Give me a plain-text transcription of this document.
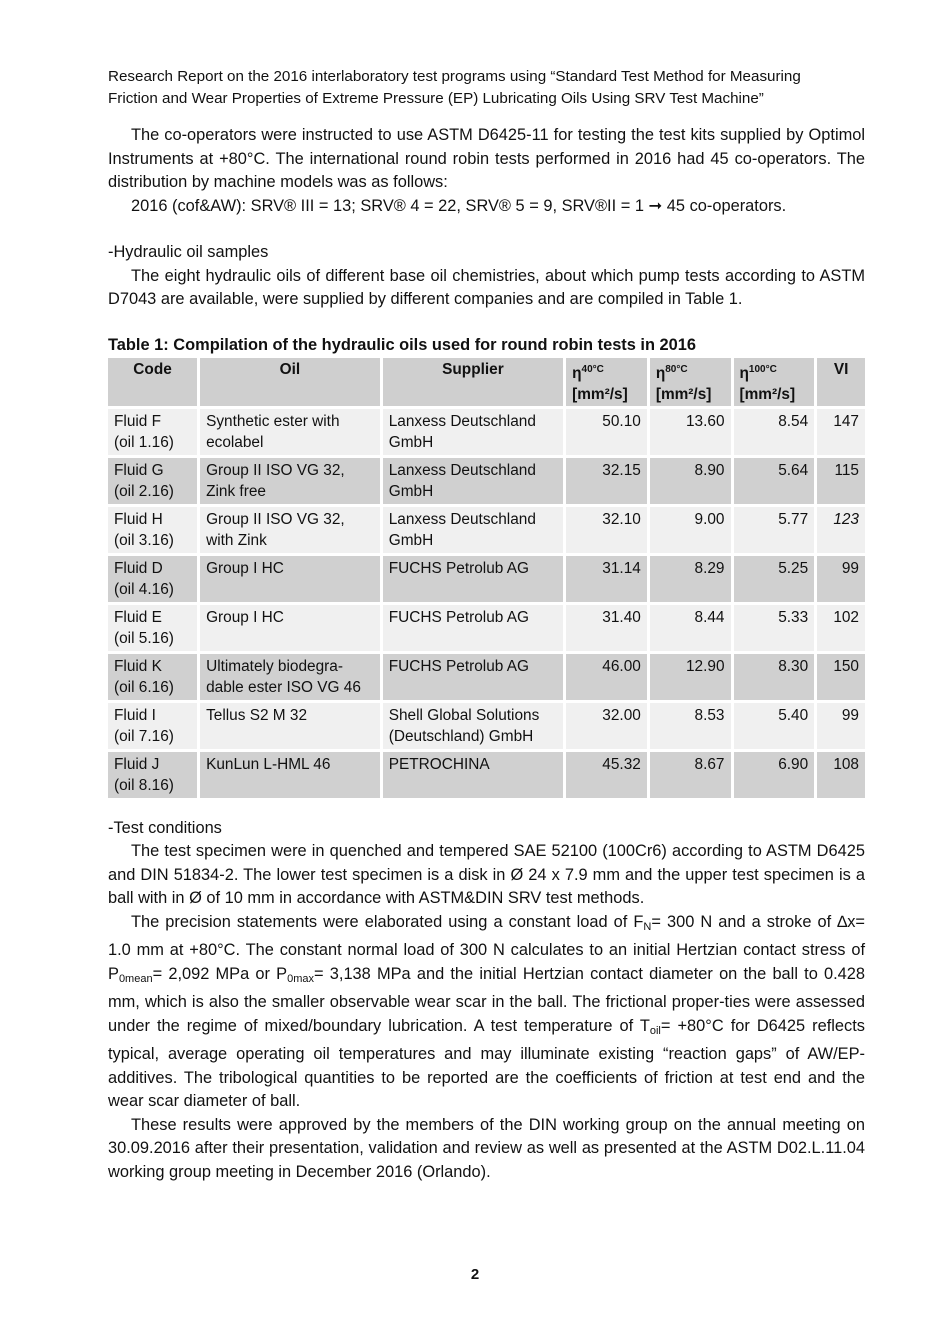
Research Report on the 2016 interlaboratory test programs using “Standard Test Method for Measuring
Friction and Wear Properties of Extreme Pressure (EP) Lubricating Oils Using SRV Test Machine”

The co-operators were instructed to use ASTM D6425-11 for testing the test kits supplied by Optimol Instruments at +80°C. The international round robin tests performed in 2016 had 45 co-operators. The distribution by machine models was as follows:

2016 (cof&AW): SRV® III = 13; SRV® 4 = 22, SRV® 5 = 9, SRV®II = 1 ➞ 45 co-operators.

-Hydraulic oil samples

The eight hydraulic oils of different base oil chemistries, about which pump tests according to ASTM D7043 are available, were supplied by different companies and are compiled in Table 1.

Table 1: Compilation of the hydraulic oils used for round robin tests in 2016
Code	Oil	Supplier	$\eta^{40^\circ C}$
[mm²/s]	$\eta^{80^\circ C}$
[mm²/s]	$\eta^{100^\circ C}$
[mm²/s]	VI
Fluid F
(oil 1.16)	Synthetic ester with
ecolabel	Lanxess Deutschland
GmbH	50.10	13.60	8.54	147
Fluid G
(oil 2.16)	Group II ISO VG 32,
Zink free	Lanxess Deutschland
GmbH	32.15	8.90	5.64	115
Fluid H
(oil 3.16)	Group II ISO VG 32,
with Zink	Lanxess Deutschland
GmbH	32.10	9.00	5.77	123
Fluid D
(oil 4.16)	Group I HC	FUCHS Petrolub AG	31.14	8.29	5.25	99
Fluid E
(oil 5.16)	Group I HC	FUCHS Petrolub AG	31.40	8.44	5.33	102
Fluid K
(oil 6.16)	Ultimately biodegra-
dable ester ISO VG 46	FUCHS Petrolub AG	46.00	12.90	8.30	150
Fluid I
(oil 7.16)	Tellus S2 M 32	Shell Global Solutions
(Deutschland) GmbH	32.00	8.53	5.40	99
Fluid J
(oil 8.16)	KunLun L-HML 46	PETROCHINA	45.32	8.67	6.90	108

-Test conditions

The test specimen were in quenched and tempered SAE 52100 (100Cr6) according to ASTM D6425 and DIN 51834-2. The lower test specimen is a disk in Ø 24 x 7.9 mm and the upper test specimen is a ball with in Ø of 10 mm in accordance with ASTM&DIN SRV test methods.

The precision statements were elaborated using a constant load of $F_N= 300$ N and a stroke of ∆x= 1.0 mm at +80°C. The constant normal load of 300 N calculates to an initial Hertzian contact stress of $P_{0mean}= 2,092$ MPa or $P_{0max}= 3,138$ MPa and the initial Hertzian contact diameter on the ball to 0.428 mm, which is also the smaller observable wear scar in the ball. The frictional proper-ties were assessed under the regime of mixed/boundary lubrication. A test temperature of $T_{oil}= +80^\circ C$ for D6425 reflects typical, average operating oil temperatures and may illuminate existing “reaction gaps” of AW/EP-additives. The tribological quantities to be reported are the coefficients of friction at test end and the wear scar diameter of ball.

These results were approved by the members of the DIN working group on the annual meeting on 30.09.2016 after their presentation, validation and review as well as presented at the ASTM D02.L.11.04 working group meeting in December 2016 (Orlando).

2
